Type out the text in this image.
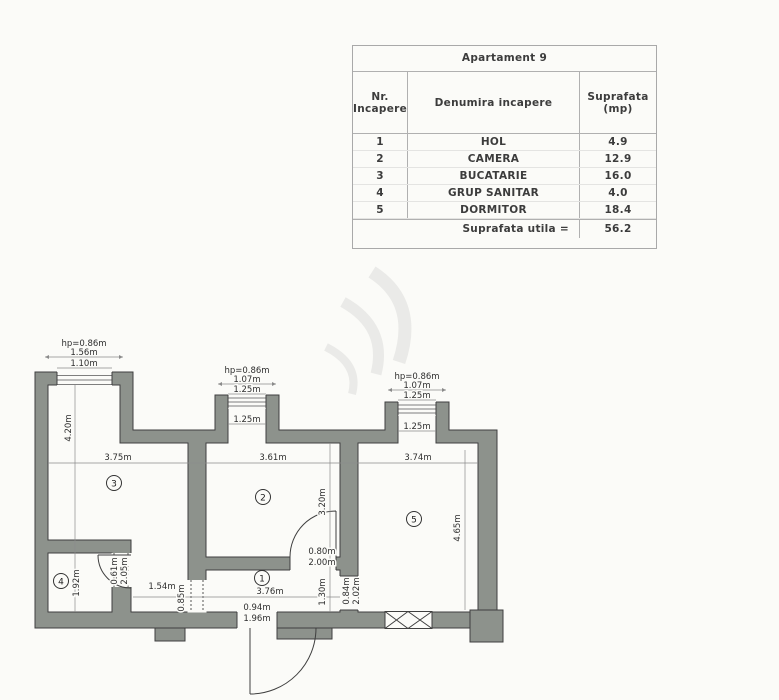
Apartament 9
Nr. Incapere	Denumira incapere	Suprafata (mp)
1	HOL	4.9
2	CAMERA	12.9
3	BUCATARIE	16.0
4	GRUP SANITAR	4.0
5	DORMITOR	18.4
Suprafata utila =	56.2
hp=0.86m
1.56m
1.10m
hp=0.86m
1.07m
1.25m
1.25m
hp=0.86m
1.07m
1.25m
1.25m
3.75m
4.20m
3.61m
3.20m
3.74m
4.65m
1.92m	3.76m
1.54m	1.30m
0.85m
0.80m
2.00m
0.84m 2.02m
0.61m 2.05m
0.94m
1.96m
3
2
5
4	1
